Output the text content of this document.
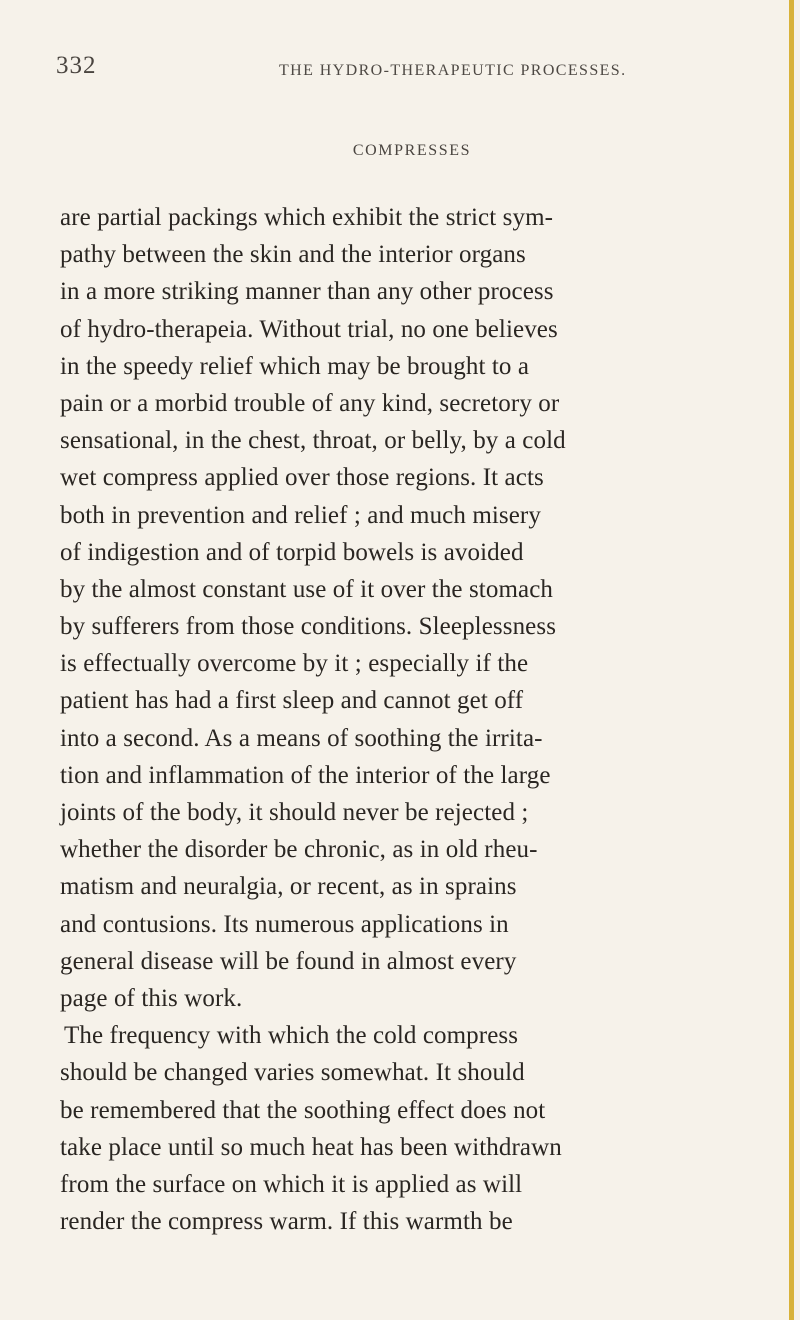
332	THE HYDRO-THERAPEUTIC PROCESSES.
COMPRESSES
are partial packings which exhibit the strict sym-
pathy between the skin and the interior organs
in a more striking manner than any other process
of hydro-therapeia. Without trial, no one believes
in the speedy relief which may be brought to a
pain or a morbid trouble of any kind, secretory or
sensational, in the chest, throat, or belly, by a cold
wet compress applied over those regions. It acts
both in prevention and relief ; and much misery
of indigestion and of torpid bowels is avoided
by the almost constant use of it over the stomach
by sufferers from those conditions. Sleeplessness
is effectually overcome by it ; especially if the
patient has had a first sleep and cannot get off
into a second. As a means of soothing the irrita-
tion and inflammation of the interior of the large
joints of the body, it should never be rejected ;
whether the disorder be chronic, as in old rheu-
matism and neuralgia, or recent, as in sprains
and contusions. Its numerous applications in
general disease will be found in almost every
page of this work.
The frequency with which the cold compress
should be changed varies somewhat. It should
be remembered that the soothing effect does not
take place until so much heat has been withdrawn
from the surface on which it is applied as will
render the compress warm. If this warmth be
